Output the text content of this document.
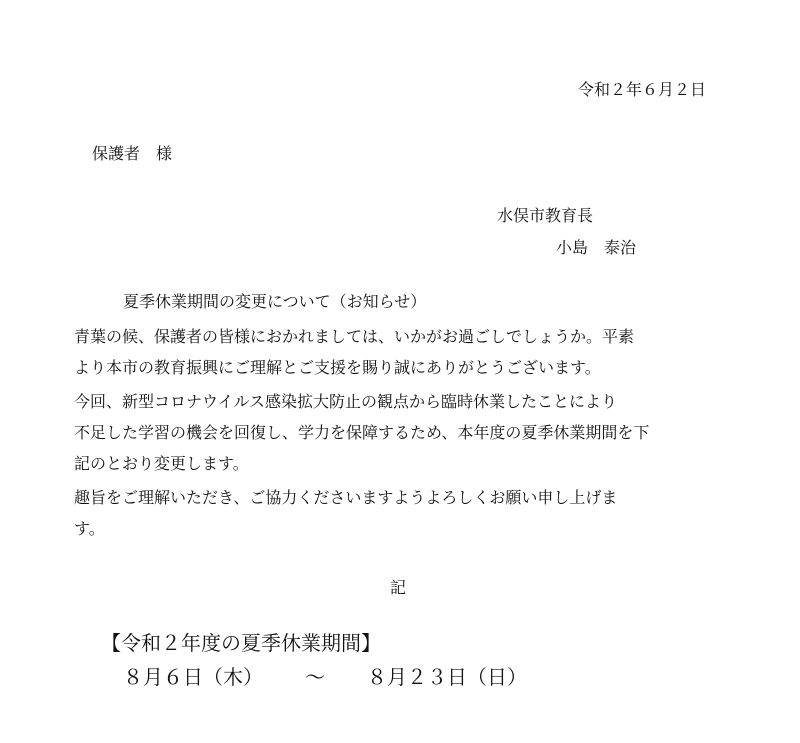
令和２年６月２日
保護者　様
水俣市教育長
小島　泰治
夏季休業期間の変更について（お知らせ）
青葉の候、保護者の皆様におかれましては、いかがお過ごしでしょうか。平素
より本市の教育振興にご理解とご支援を賜り誠にありがとうございます。
今回、新型コロナウイルス感染拡大防止の観点から臨時休業したことにより
不足した学習の機会を回復し、学力を保障するため、本年度の夏季休業期間を下
記のとおり変更します。
趣旨をご理解いただき、ご協力くださいますようよろしくお願い申し上げま
す。
記
【令和２年度の夏季休業期間】
８月６日（木） ～ ８月２３日（日）
